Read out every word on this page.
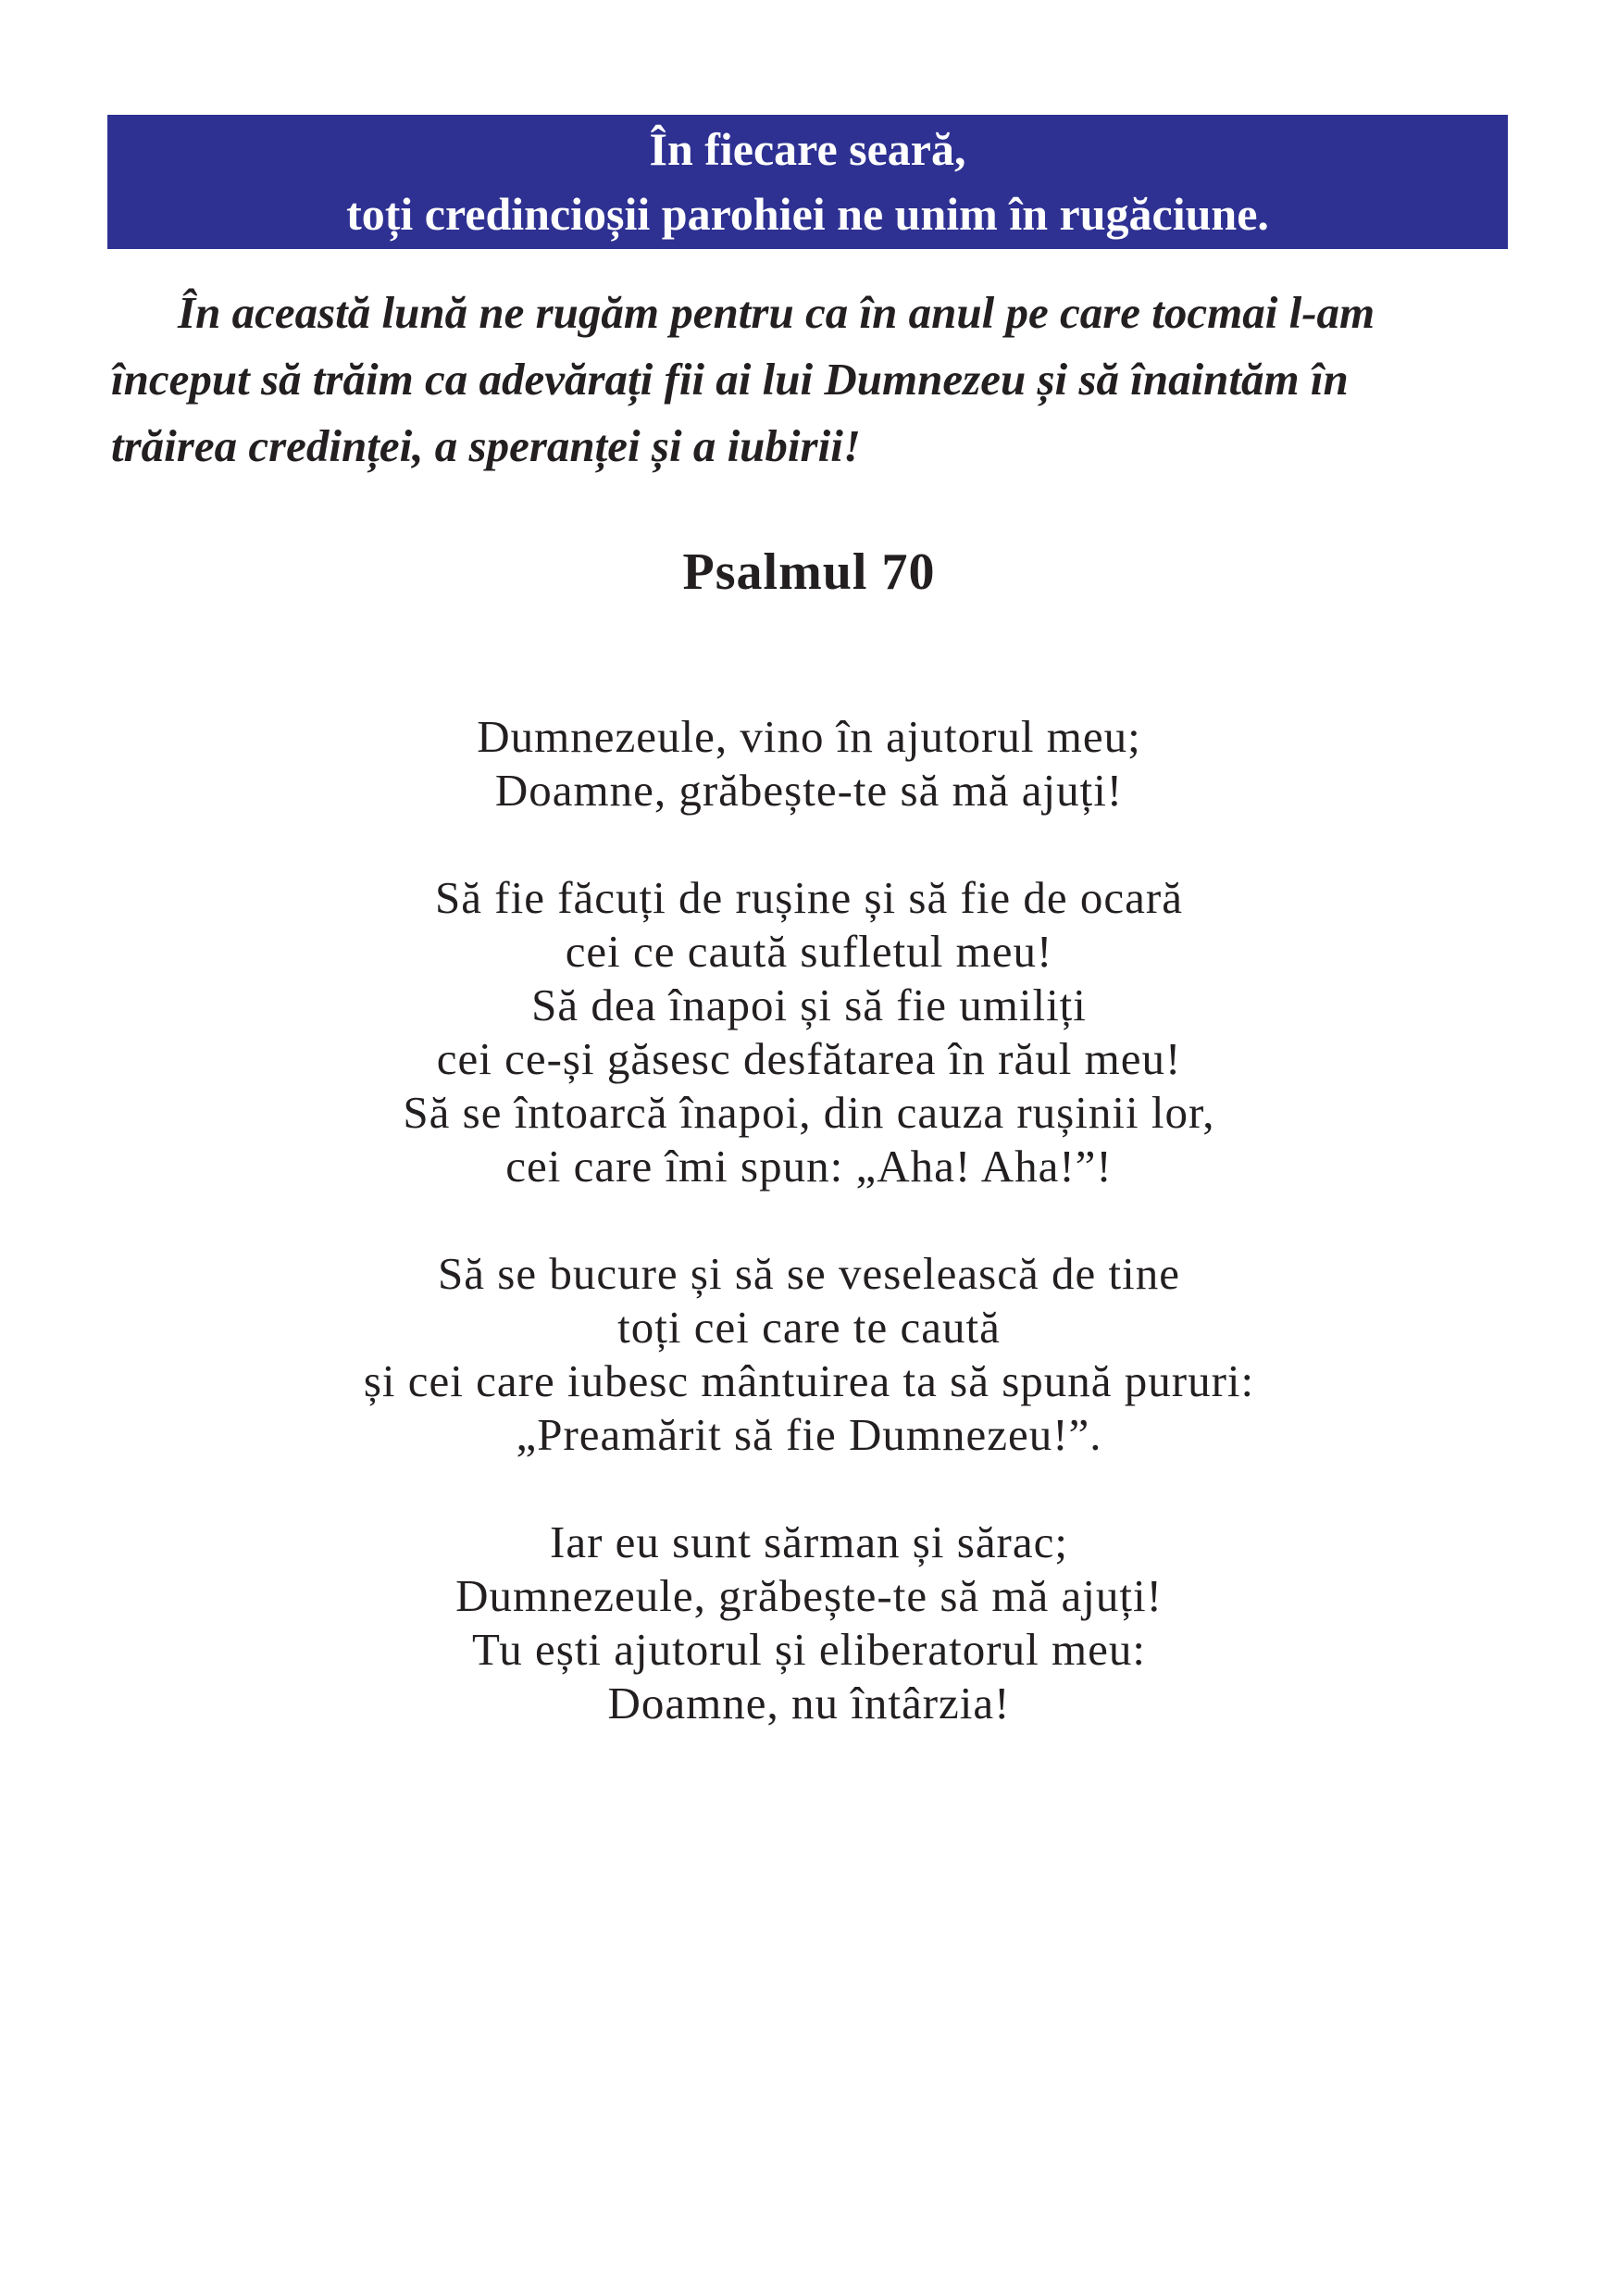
În fiecare seară,
toți credincioșii parohiei ne unim în rugăciune.
În această lună ne rugăm pentru ca în anul pe care tocmai l-am
început să trăim ca adevărați fii ai lui Dumnezeu și să înaintăm în
trăirea credinței, a speranței și a iubirii!
Psalmul 70
Dumnezeule, vino în ajutorul meu;
Doamne, grăbește-te să mă ajuți!
Să fie făcuți de rușine și să fie de ocară
cei ce caută sufletul meu!
Să dea înapoi și să fie umiliți
cei ce-și găsesc desfătarea în răul meu!
Să se întoarcă înapoi, din cauza rușinii lor,
cei care îmi spun: „Aha! Aha!”!
Să se bucure și să se veselească de tine
toți cei care te caută
și cei care iubesc mântuirea ta să spună pururi:
„Preamărit să fie Dumnezeu!”.
Iar eu sunt sărman și sărac;
Dumnezeule, grăbește-te să mă ajuți!
Tu ești ajutorul și eliberatorul meu:
Doamne, nu întârzia!
